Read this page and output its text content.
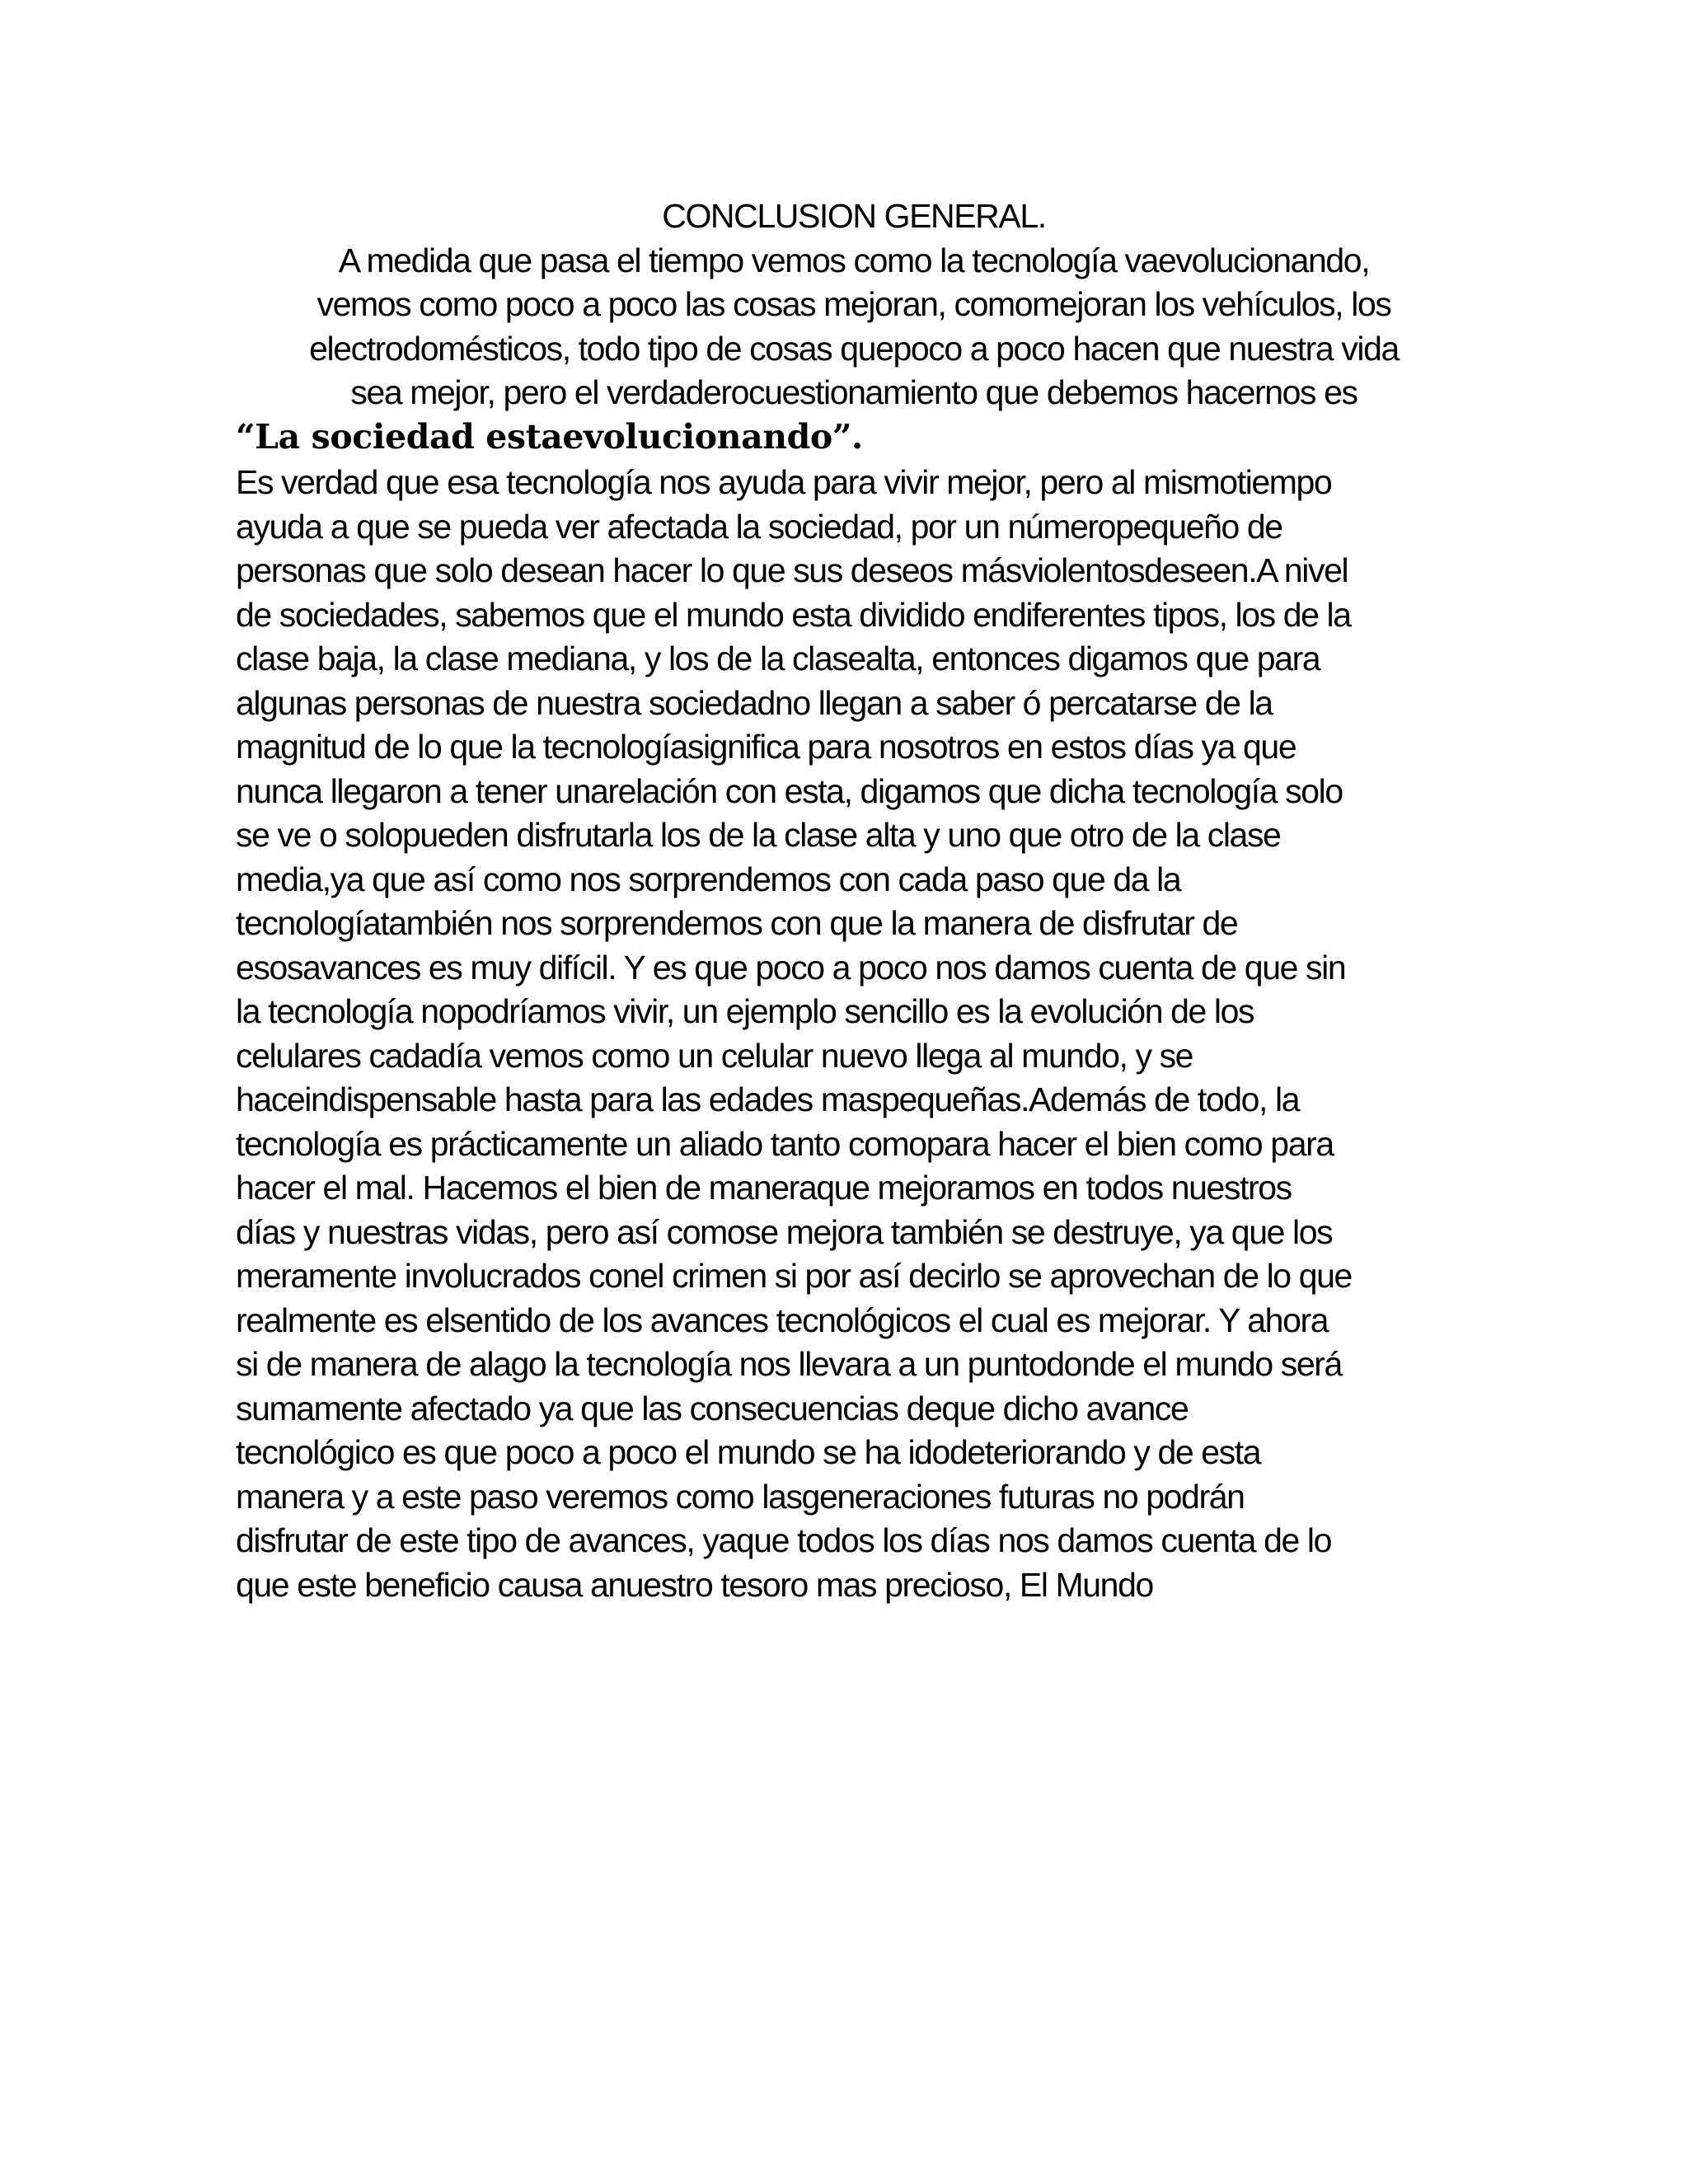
CONCLUSION GENERAL.
A medida que pasa el tiempo vemos como la tecnología vaevolucionando,
vemos como poco a poco las cosas mejoran, comomejoran los vehículos, los
electrodomésticos, todo tipo de cosas quepoco a poco hacen que nuestra vida
sea mejor, pero el verdaderocuestionamiento que debemos hacernos es
“La sociedad estaevolucionando”.
Es verdad que esa tecnología nos ayuda para vivir mejor, pero al mismotiempo
ayuda a que se pueda ver afectada la sociedad, por un númeropequeño de
personas que solo desean hacer lo que sus deseos másviolentosdeseen.A nivel
de sociedades, sabemos que el mundo esta dividido endiferentes tipos, los de la
clase baja, la clase mediana, y los de la clasealta, entonces digamos que para
algunas personas de nuestra sociedadno llegan a saber ó percatarse de la
magnitud de lo que la tecnologíasignifica para nosotros en estos días ya que
nunca llegaron a tener unarelación con esta, digamos que dicha tecnología solo
se ve o solopueden disfrutarla los de la clase alta y uno que otro de la clase
media,ya que así como nos sorprendemos con cada paso que da la
tecnologíatambién nos sorprendemos con que la manera de disfrutar de
esosavances es muy difícil. Y es que poco a poco nos damos cuenta de que sin
la tecnología nopodríamos vivir, un ejemplo sencillo es la evolución de los
celulares cadadía vemos como un celular nuevo llega al mundo, y se
haceindispensable hasta para las edades maspequeñas.Además de todo, la
tecnología es prácticamente un aliado tanto comopara hacer el bien como para
hacer el mal. Hacemos el bien de maneraque mejoramos en todos nuestros
días y nuestras vidas, pero así comose mejora también se destruye, ya que los
meramente involucrados conel crimen si por así decirlo se aprovechan de lo que
realmente es elsentido de los avances tecnológicos el cual es mejorar. Y ahora
si de manera de alago la tecnología nos llevara a un puntodonde el mundo será
sumamente afectado ya que las consecuencias deque dicho avance
tecnológico es que poco a poco el mundo se ha idodeteriorando y de esta
manera y a este paso veremos como lasgeneraciones futuras no podrán
disfrutar de este tipo de avances, yaque todos los días nos damos cuenta de lo
que este beneficio causa anuestro tesoro mas precioso, El Mundo
